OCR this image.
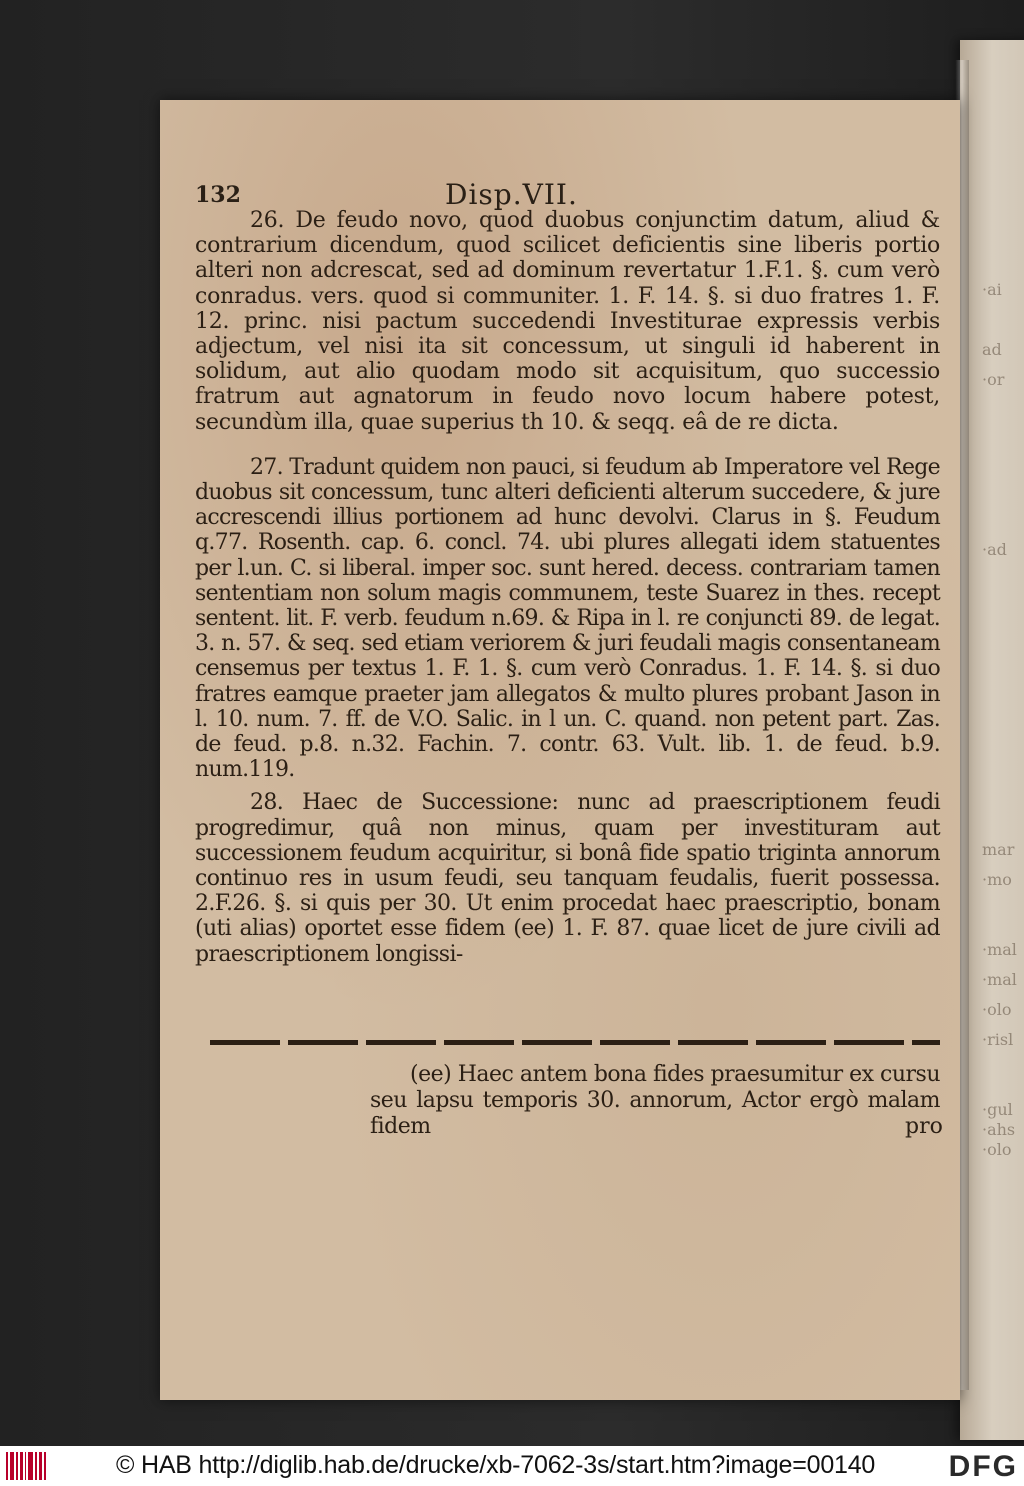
·ai
ad
·or
·ad
mar
·mo
·mal
·mal
·olo
·risl
·gul
·ahs
·olo
132	Disp.VII.

26. De feudo novo, quod duobus conjunctim datum, aliud & contrarium dicendum, quod scilicet deficientis sine liberis portio alteri non adcrescat, sed ad dominum revertatur 1.F.1. §. cum verò conradus. vers. quod si communiter. 1. F. 14. §. si duo fratres 1. F. 12. princ. nisi pactum succedendi Investiturae expressis verbis adjectum, vel nisi ita sit concessum, ut singuli id haberent in solidum, aut alio quodam modo sit acquisitum, quo successio fratrum aut agnatorum in feudo novo locum habere potest, secundùm illa, quae superius th 10. & seqq. eâ de re dicta.

27. Tradunt quidem non pauci, si feudum ab Imperatore vel Rege duobus sit concessum, tunc alteri deficienti alterum succedere, & jure accrescendi illius portionem ad hunc devolvi. Clarus in §. Feudum q.77. Rosenth. cap. 6. concl. 74. ubi plures allegati idem statuentes per l.un. C. si liberal. imper soc. sunt hered. decess. contrariam tamen sententiam non solum magis communem, teste Suarez in thes. recept sentent. lit. F. verb. feudum n.69. & Ripa in l. re conjuncti 89. de legat. 3. n. 57. & seq. sed etiam veriorem & juri feudali magis consentaneam censemus per textus 1. F. 1. §. cum verò Conradus. 1. F. 14. §. si duo fratres eamque praeter jam allegatos & multo plures probant Jason in l. 10. num. 7. ff. de V.O. Salic. in l un. C. quand. non petent part. Zas. de feud. p.8. n.32. Fachin. 7. contr. 63. Vult. lib. 1. de feud. b.9. num.119.

28. Haec de Successione: nunc ad praescriptionem feudi progredimur, quâ non minus, quam per investituram aut successionem feudum acquiritur, si bonâ fide spatio triginta annorum continuo res in usum feudi, seu tanquam feudalis, fuerit possessa. 2.F.26. §. si quis per 30. Ut enim procedat haec praescriptio, bonam (uti alias) oportet esse fidem (ee) 1. F. 87. quae licet de jure civili ad praescriptionem longissi-

(ee) Haec antem bona fides praesumitur ex cursu seu lapsu temporis 30. annorum, Actor ergò malam fidem	pro
© HAB http://diglib.hab.de/drucke/xb-7062-3s/start.htm?image=00140 DFG
